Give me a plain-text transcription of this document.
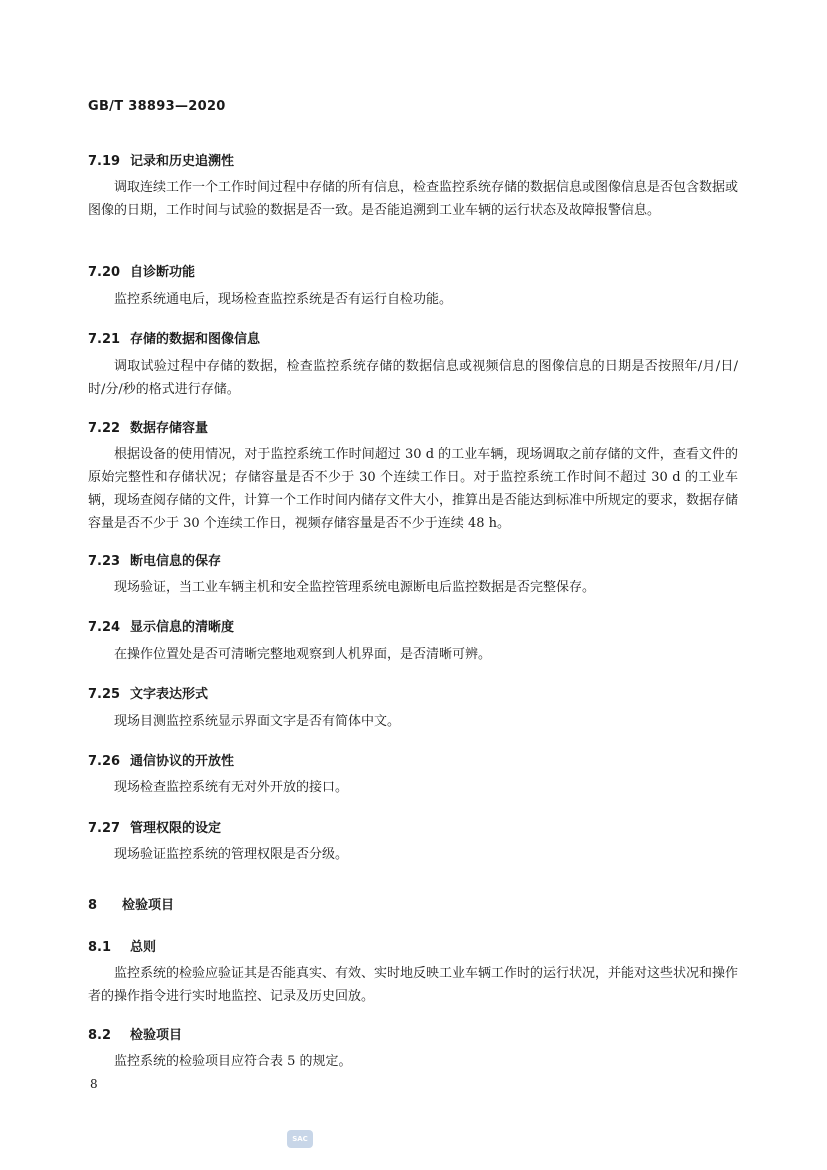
GB/T 38893—2020
7.19 记录和历史追溯性
调取连续工作一个工作时间过程中存储的所有信息，检查监控系统存储的数据信息或图像信息是否包含数据或图像的日期，工作时间与试验的数据是否一致。是否能追溯到工业车辆的运行状态及故障报警信息。
7.20 自诊断功能
监控系统通电后，现场检查监控系统是否有运行自检功能。
7.21 存储的数据和图像信息
调取试验过程中存储的数据，检查监控系统存储的数据信息或视频信息的图像信息的日期是否按照年/月/日/时/分/秒的格式进行存储。
7.22 数据存储容量
根据设备的使用情况，对于监控系统工作时间超过 30 d 的工业车辆，现场调取之前存储的文件，查看文件的原始完整性和存储状况；存储容量是否不少于 30 个连续工作日。对于监控系统工作时间不超过 30 d 的工业车辆，现场查阅存储的文件，计算一个工作时间内储存文件大小，推算出是否能达到标准中所规定的要求，数据存储容量是否不少于 30 个连续工作日，视频存储容量是否不少于连续 48 h。
7.23 断电信息的保存
现场验证，当工业车辆主机和安全监控管理系统电源断电后监控数据是否完整保存。
7.24 显示信息的清晰度
在操作位置处是否可清晰完整地观察到人机界面，是否清晰可辨。
7.25 文字表达形式
现场目测监控系统显示界面文字是否有简体中文。
7.26 通信协议的开放性
现场检查监控系统有无对外开放的接口。
7.27 管理权限的设定
现场验证监控系统的管理权限是否分级。
8 检验项目
8.1 总则
监控系统的检验应验证其是否能真实、有效、实时地反映工业车辆工作时的运行状况，并能对这些状况和操作者的操作指令进行实时地监控、记录及历史回放。
8.2 检验项目
监控系统的检验项目应符合表 5 的规定。
8
SAC
